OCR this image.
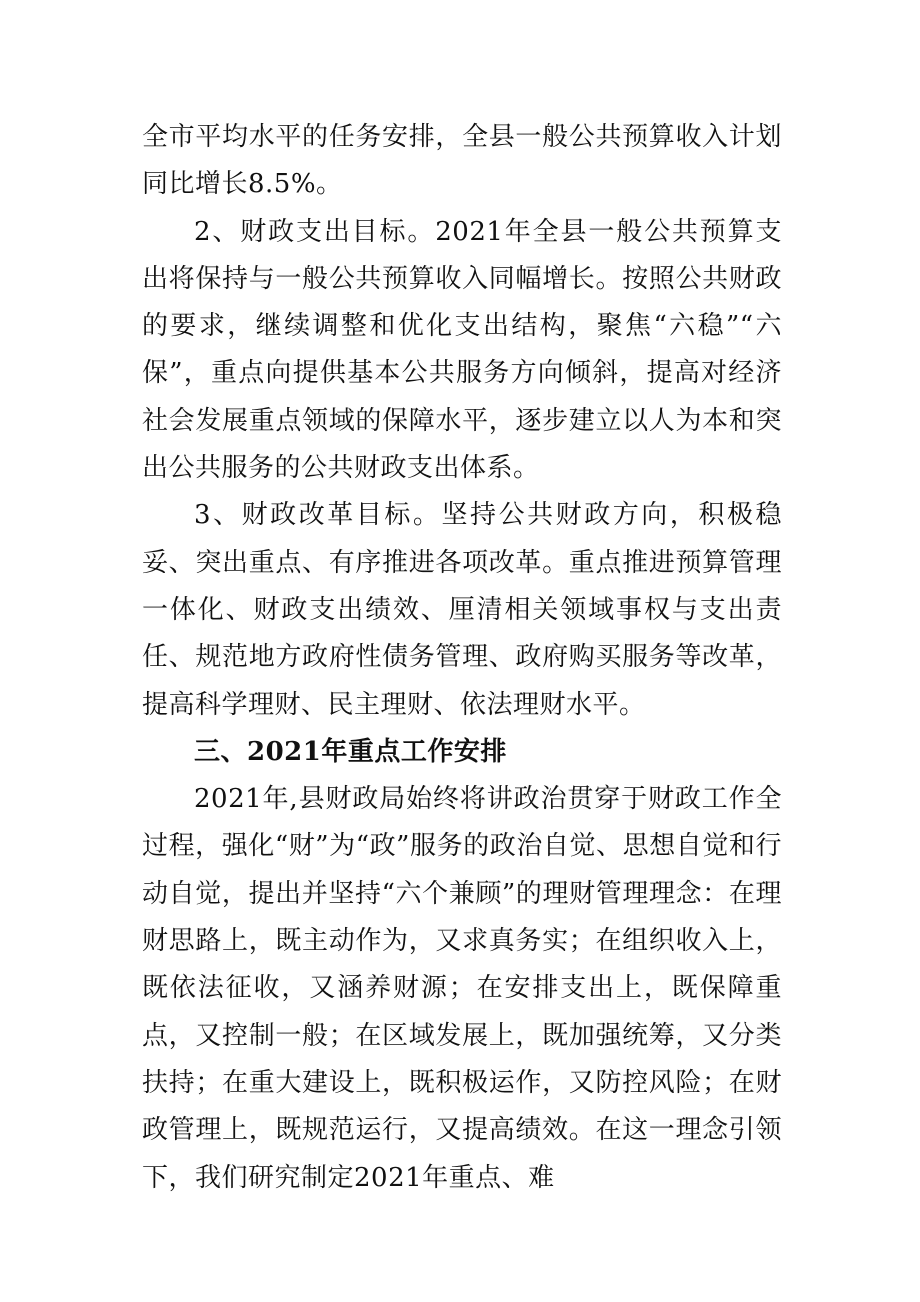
全市平均水平的任务安排，全县一般公共预算收入计划同比增长8.5%。

2、财政支出目标。2021年全县一般公共预算支出将保持与一般公共预算收入同幅增长。按照公共财政的要求，继续调整和优化支出结构，聚焦“六稳”“六保”，重点向提供基本公共服务方向倾斜，提高对经济社会发展重点领域的保障水平，逐步建立以人为本和突出公共服务的公共财政支出体系。

3、财政改革目标。坚持公共财政方向，积极稳妥、突出重点、有序推进各项改革。重点推进预算管理一体化、财政支出绩效、厘清相关领域事权与支出责任、规范地方政府性债务管理、政府购买服务等改革，提高科学理财、民主理财、依法理财水平。

三、2021年重点工作安排

2021年,县财政局始终将讲政治贯穿于财政工作全过程，强化“财”为“政”服务的政治自觉、思想自觉和行动自觉，提出并坚持“六个兼顾”的理财管理理念：在理财思路上，既主动作为，又求真务实；在组织收入上，既依法征收，又涵养财源；在安排支出上，既保障重点，又控制一般；在区域发展上，既加强统筹，又分类扶持；在重大建设上，既积极运作，又防控风险；在财政管理上，既规范运行，又提高绩效。在这一理念引领下，我们研究制定2021年重点、难
